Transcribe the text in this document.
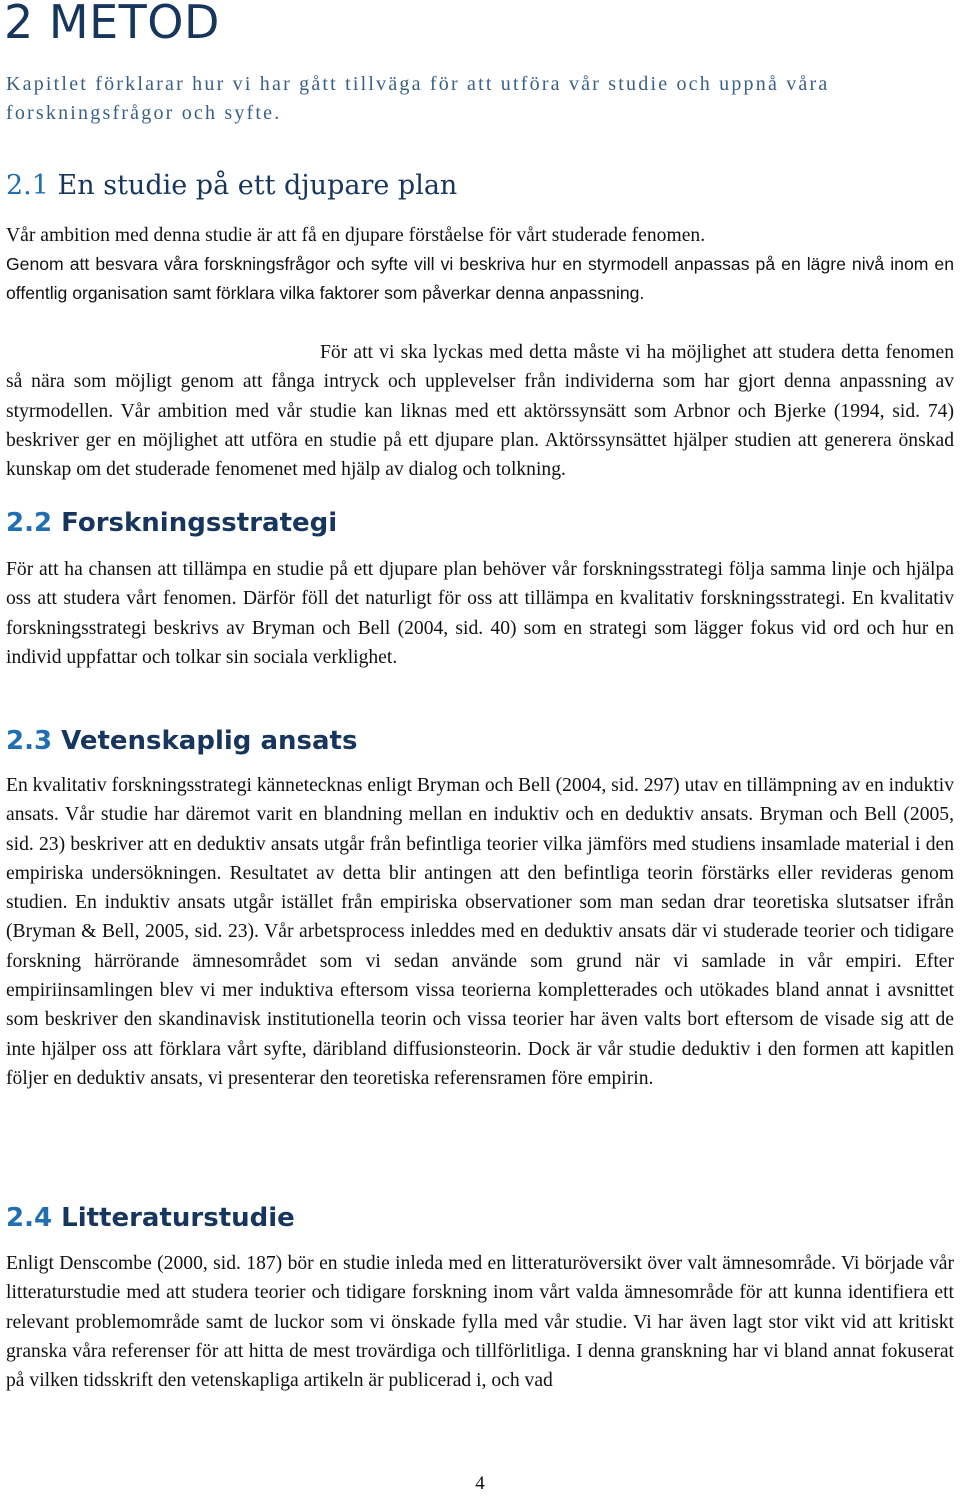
2 METOD

Kapitlet förklarar hur vi har gått tillväga för att utföra vår studie och uppnå våra forskningsfrågor och syfte.

2.1 En studie på ett djupare plan

Vår ambition med denna studie är att få en djupare förståelse för vårt studerade fenomen.

Genom att besvara våra forskningsfrågor och syfte vill vi beskriva hur en styrmodell anpassas på en lägre nivå inom en offentlig organisation samt förklara vilka faktorer som påverkar denna anpassning.

För att vi ska lyckas med detta måste vi ha möjlighet att studera detta fenomen så nära som möjligt genom att fånga intryck och upplevelser från individerna som har gjort denna anpassning av styrmodellen. Vår ambition med vår studie kan liknas med ett aktörssynsätt som Arbnor och Bjerke (1994, sid. 74) beskriver ger en möjlighet att utföra en studie på ett djupare plan. Aktörssynsättet hjälper studien att generera önskad kunskap om det studerade fenomenet med hjälp av dialog och tolkning.

2.2 Forskningsstrategi

För att ha chansen att tillämpa en studie på ett djupare plan behöver vår forskningsstrategi följa samma linje och hjälpa oss att studera vårt fenomen. Därför föll det naturligt för oss att tillämpa en kvalitativ forskningsstrategi. En kvalitativ forskningsstrategi beskrivs av Bryman och Bell (2004, sid. 40) som en strategi som lägger fokus vid ord och hur en individ uppfattar och tolkar sin sociala verklighet.

2.3 Vetenskaplig ansats

En kvalitativ forskningsstrategi kännetecknas enligt Bryman och Bell (2004, sid. 297) utav en tillämpning av en induktiv ansats. Vår studie har däremot varit en blandning mellan en induktiv och en deduktiv ansats. Bryman och Bell (2005, sid. 23) beskriver att en deduktiv ansats utgår från befintliga teorier vilka jämförs med studiens insamlade material i den empiriska undersökningen. Resultatet av detta blir antingen att den befintliga teorin förstärks eller revideras genom studien. En induktiv ansats utgår istället från empiriska observationer som man sedan drar teoretiska slutsatser ifrån (Bryman & Bell, 2005, sid. 23). Vår arbetsprocess inleddes med en deduktiv ansats där vi studerade teorier och tidigare forskning härrörande ämnesområdet som vi sedan använde som grund när vi samlade in vår empiri. Efter empiriinsamlingen blev vi mer induktiva eftersom vissa teorierna kompletterades och utökades bland annat i avsnittet som beskriver den skandinavisk institutionella teorin och vissa teorier har även valts bort eftersom de visade sig att de inte hjälper oss att förklara vårt syfte, däribland diffusionsteorin. Dock är vår studie deduktiv i den formen att kapitlen följer en deduktiv ansats, vi presenterar den teoretiska referensramen före empirin.

2.4 Litteraturstudie

Enligt Denscombe (2000, sid. 187) bör en studie inleda med en litteraturöversikt över valt ämnesområde. Vi började vår litteraturstudie med att studera teorier och tidigare forskning inom vårt valda ämnesområde för att kunna identifiera ett relevant problemområde samt de luckor som vi önskade fylla med vår studie. Vi har även lagt stor vikt vid att kritiskt granska våra referenser för att hitta de mest trovärdiga och tillförlitliga. I denna granskning har vi bland annat fokuserat på vilken tidsskrift den vetenskapliga artikeln är publicerad i, och vad

4
